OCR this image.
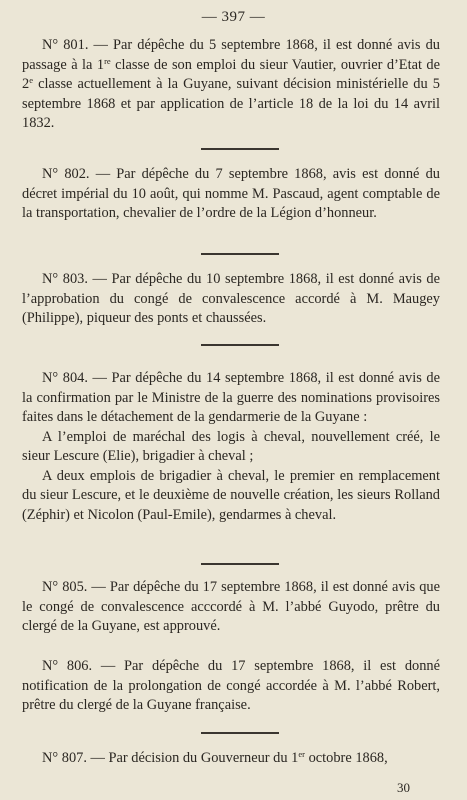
— 397 —

N° 801. — Par dépêche du 5 septembre 1868, il est donné avis du passage à la 1re classe de son emploi du sieur Vautier, ouvrier d’Etat de 2e classe actuellement à la Guyane, suivant décision ministérielle du 5 septembre 1868 et par application de l’article 18 de la loi du 14 avril 1832.

N° 802. — Par dépêche du 7 septembre 1868, avis est donné du décret impérial du 10 août, qui nomme M. Pascaud, agent comptable de la transportation, chevalier de l’ordre de la Légion d’honneur.

N° 803. — Par dépêche du 10 septembre 1868, il est donné avis de l’approbation du congé de convalescence accordé à M. Maugey (Philippe), piqueur des ponts et chaussées.

N° 804. — Par dépêche du 14 septembre 1868, il est donné avis de la confirmation par le Ministre de la guerre des nominations provisoires faites dans le détachement de la gendarmerie de la Guyane :

A l’emploi de maréchal des logis à cheval, nouvellement créé, le sieur Lescure (Elie), brigadier à cheval ;

A deux emplois de brigadier à cheval, le premier en remplacement du sieur Lescure, et le deuxième de nouvelle création, les sieurs Rolland (Zéphir) et Nicolon (Paul-Emile), gendarmes à cheval.

N° 805. — Par dépêche du 17 septembre 1868, il est donné avis que le congé de convalescence acccordé à M. l’abbé Guyodo, prêtre du clergé de la Guyane, est approuvé.

N° 806. — Par dépêche du 17 septembre 1868, il est donné notification de la prolongation de congé accordée à M. l’abbé Robert, prêtre du clergé de la Guyane française.

N° 807. — Par décision du Gouverneur du 1er octobre 1868,

30
